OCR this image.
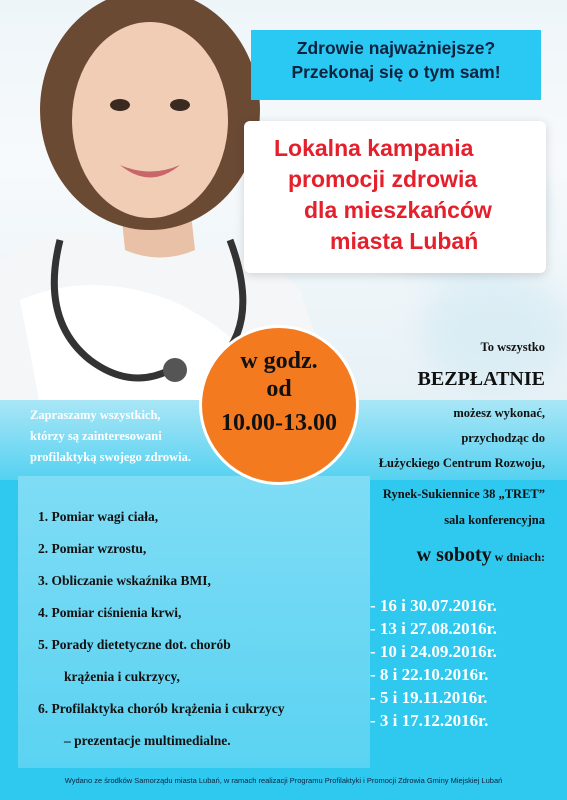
Zdrowie najważniejsze?
Przekonaj się o tym sam!
Lokalna kampania
promocji zdrowia
dla mieszkańców
miasta Lubań
Zapraszamy wszystkich,
którzy są zainteresowani
profilaktyką swojego zdrowia.
w godz.
od
10.00-13.00
To wszystko
BEZPŁATNIE
możesz wykonać,
przychodząc do
Łużyckiego Centrum Rozwoju,
Rynek-Sukiennice 38 „TRET”
sala konferencyjna
w soboty w dniach:
1. Pomiar wagi ciała,
2. Pomiar wzrostu,
3. Obliczanie wskaźnika BMI,
4. Pomiar ciśnienia krwi,
5. Porady dietetyczne dot. chorób
krążenia i cukrzycy,
6. Profilaktyka chorób krążenia i cukrzycy
– prezentacje multimedialne.
- 16 i 30.07.2016r.
- 13 i 27.08.2016r.
- 10 i 24.09.2016r.
- 8 i 22.10.2016r.
- 5 i 19.11.2016r.
- 3 i 17.12.2016r.
Wydano ze środków Samorządu miasta Lubań, w ramach realizacji Programu Profilaktyki i Promocji Zdrowia Gminy Miejskiej Lubań
